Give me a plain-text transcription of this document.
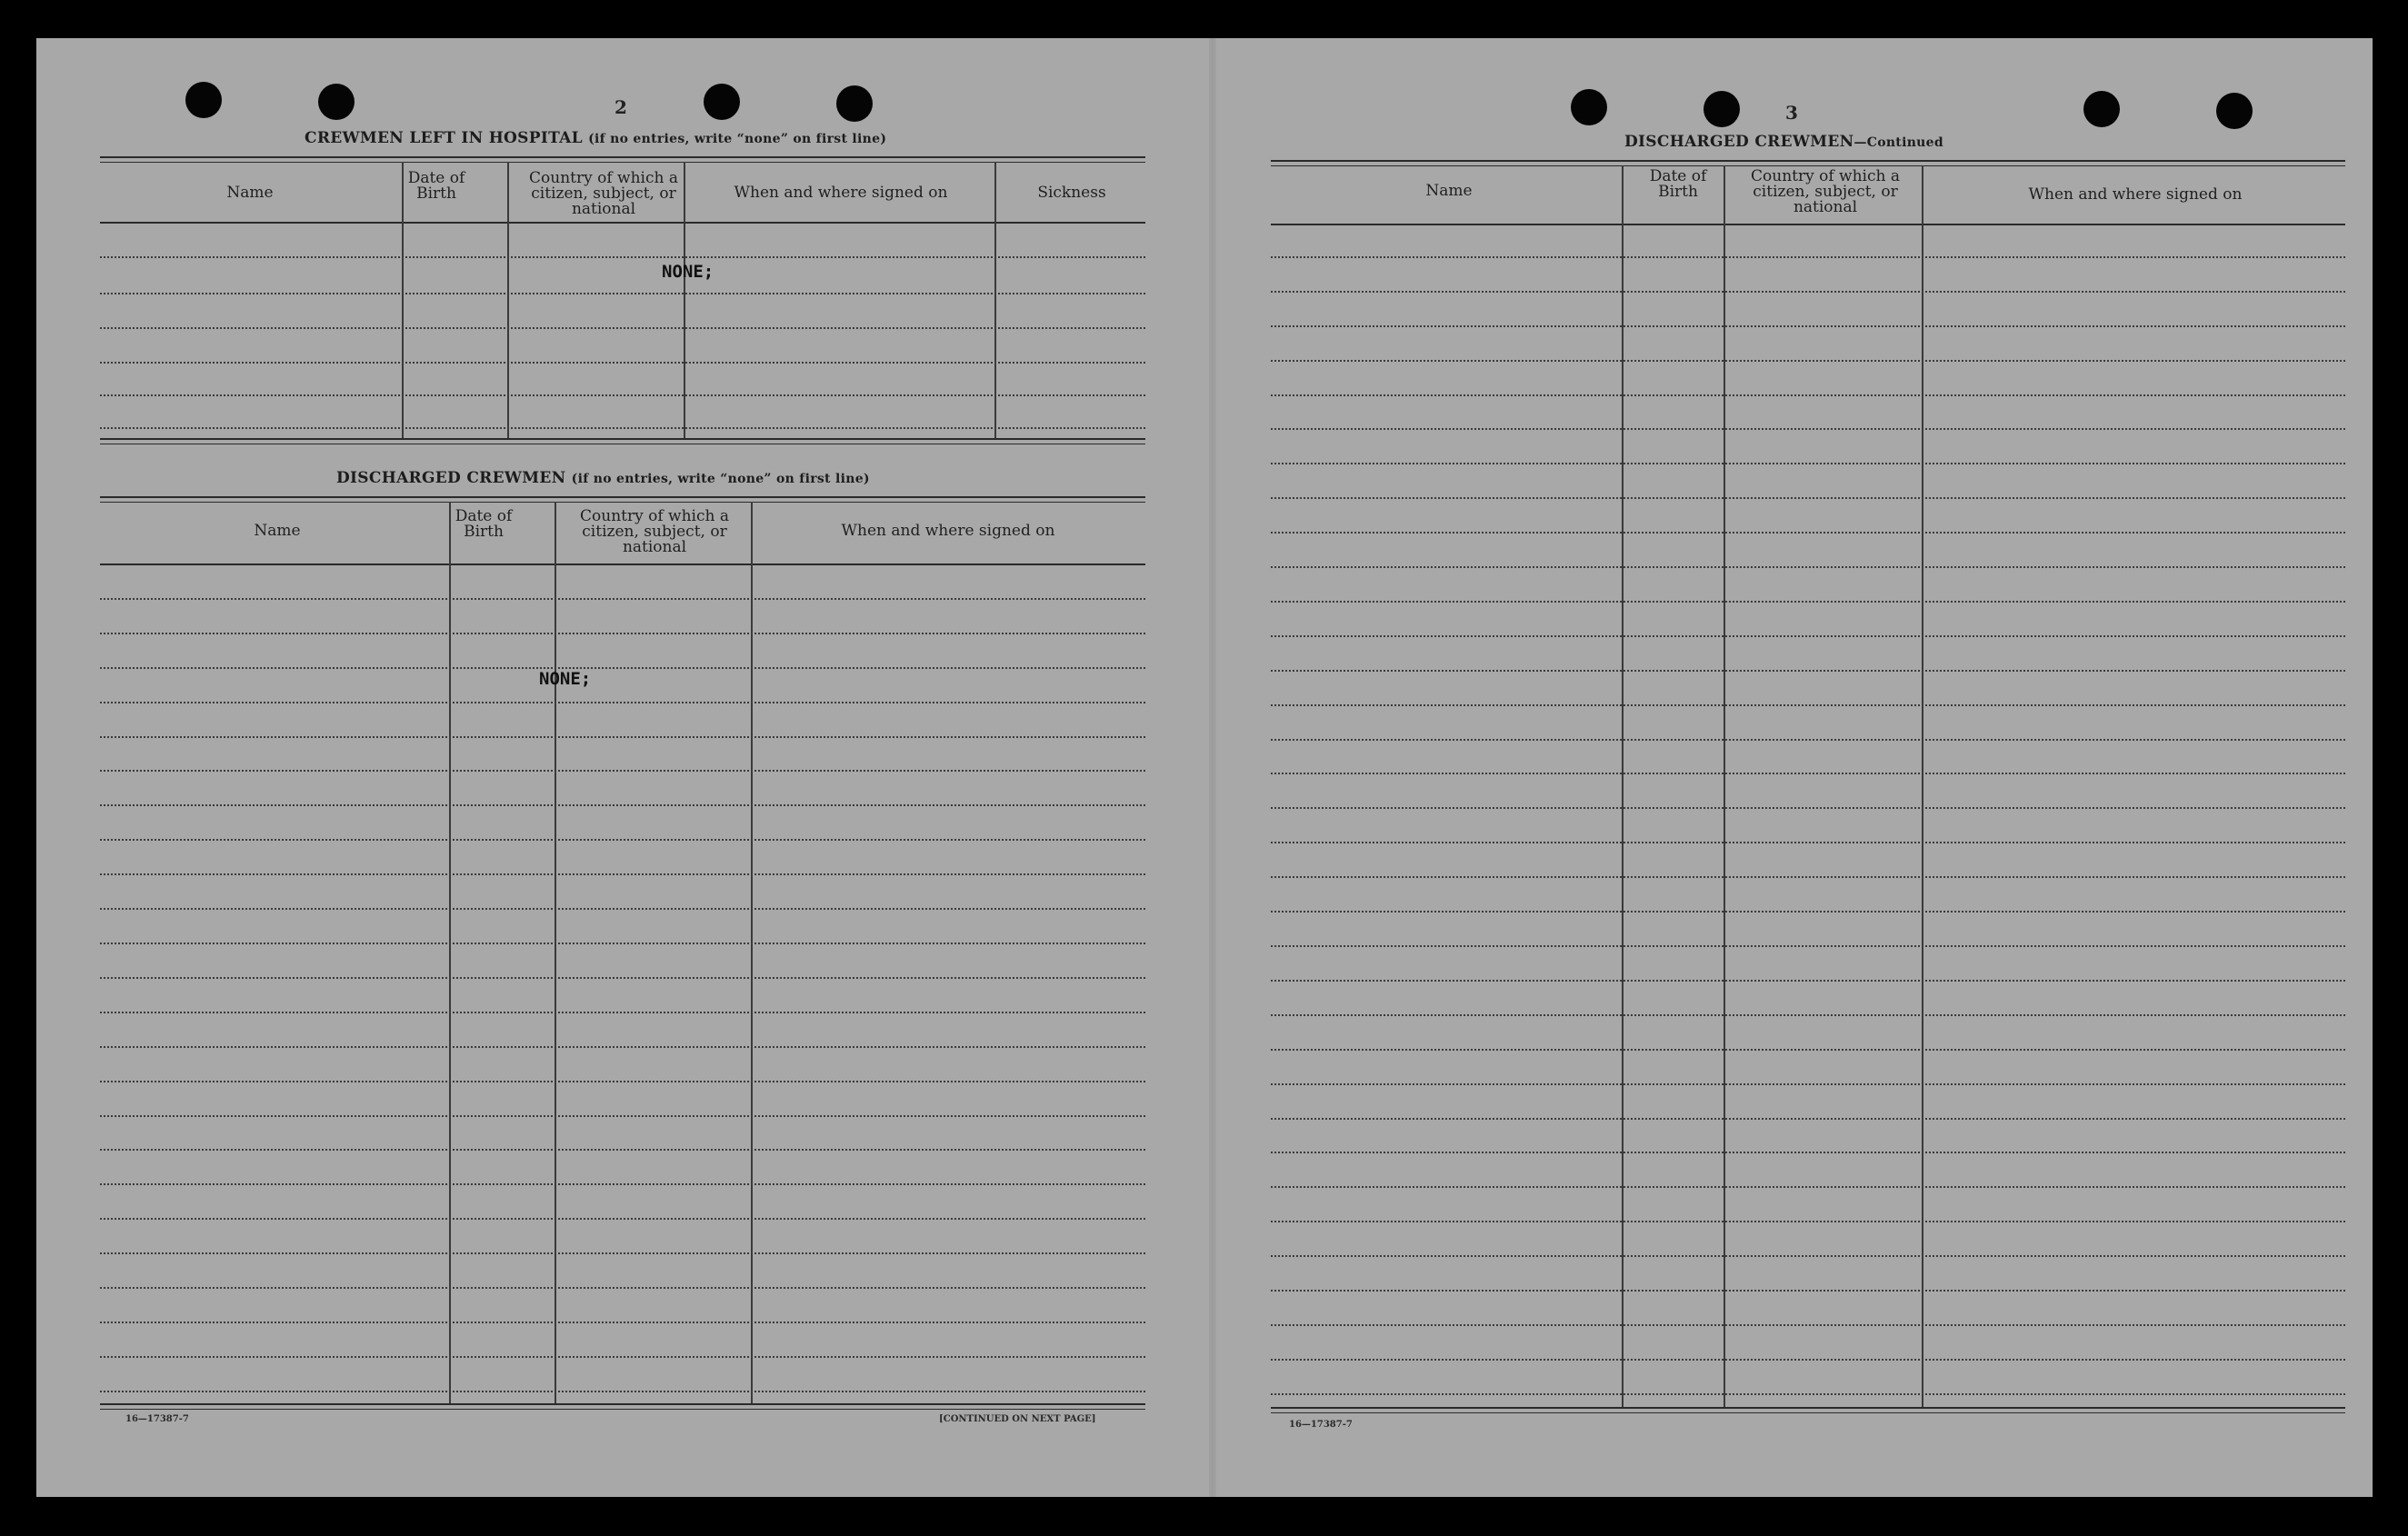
2
CREWMEN LEFT IN HOSPITAL (if no entries, write “none” on first line)
Name
Date of Birth
Country of which a citizen, subject, or national
When and where signed on	Sickness
NONE;
DISCHARGED CREWMEN (if no entries, write “none” on first line)
Name
Date of Birth
Country of which a citizen, subject, or national
When and where signed on
NONE;
16—17387-7	[CONTINUED ON NEXT PAGE]
3
DISCHARGED CREWMEN—Continued
Name
Date of Birth
Country of which a citizen, subject, or national
When and where signed on
16—17387-7
